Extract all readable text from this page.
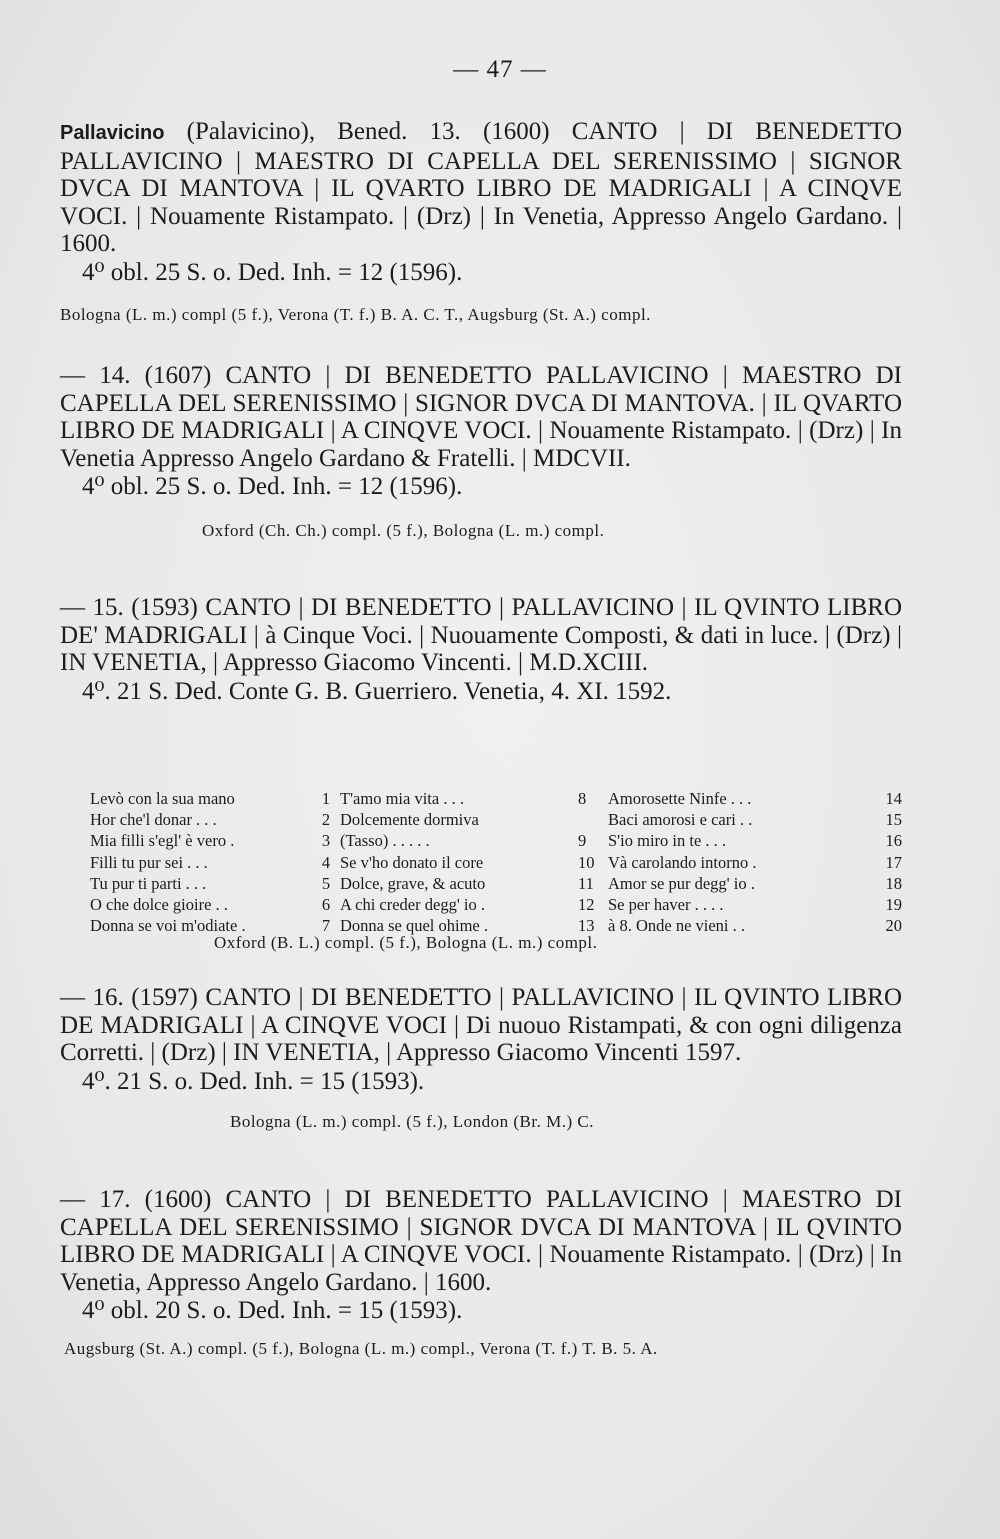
— 47 —
Pallavicino (Palavicino), Bened. 13. (1600) CANTO | DI BENEDETTO PALLAVICINO | MAESTRO DI CAPELLA DEL SERENISSIMO | SIGNOR DVCA DI MANTOVA | IL QVARTO LIBRO DE MADRIGALI | A CINQVE VOCI. | Nouamente Ristampato. | (Drz) | In Venetia, Appresso Angelo Gardano. | 1600.
4⁰ obl. 25 S. o. Ded. Inh. = 12 (1596).
Bologna (L. m.) compl (5 f.), Verona (T. f.) B. A. C. T., Augsburg (St. A.) compl.
— 14. (1607) CANTO | DI BENEDETTO PALLAVICINO | MAESTRO DI CAPELLA DEL SERENISSIMO | SIGNOR DVCA DI MANTOVA. | IL QVARTO LIBRO DE MADRIGALI | A CINQVE VOCI. | Nouamente Ristampato. | (Drz) | In Venetia Appresso Angelo Gardano & Fratelli. | MDCVII.
4⁰ obl. 25 S. o. Ded. Inh. = 12 (1596).
Oxford (Ch. Ch.) compl. (5 f.), Bologna (L. m.) compl.
— 15. (1593) CANTO | DI BENEDETTO | PALLAVICINO | IL QVINTO LIBRO DE' MADRIGALI | à Cinque Voci. | Nuouamente Composti, & dati in luce. | (Drz) | IN VENETIA, | Appresso Giacomo Vincenti. | M.D.XCIII.
4⁰. 21 S. Ded. Conte G. B. Guerriero. Venetia, 4. XI. 1592.
Levò con la sua mano	1	T'amo mia vita . . .	8	Amorosette Ninfe . . .	14
Hor che'l donar . . .	2	Dolcemente dormiva		Baci amorosi e cari . .	15
Mia filli s'egl' è vero .	3	(Tasso) . . . . .	9	S'io miro in te . . .	16
Filli tu pur sei . . .	4	Se v'ho donato il core	10	Và carolando intorno .	17
Tu pur ti parti . . .	5	Dolce, grave, & acuto	11	Amor se pur degg' io .	18
O che dolce gioire . .	6	A chi creder degg' io .	12	Se per haver . . . .	19
Donna se voi m'odiate .	7	Donna se quel ohime .	13	à 8. Onde ne vieni . .	20
Oxford (B. L.) compl. (5 f.), Bologna (L. m.) compl.
— 16. (1597) CANTO | DI BENEDETTO | PALLAVICINO | IL QVINTO LIBRO DE MADRIGALI | A CINQVE VOCI | Di nuouo Ristampati, & con ogni diligenza Corretti. | (Drz) | IN VENETIA, | Appresso Giacomo Vincenti 1597.
4⁰. 21 S. o. Ded. Inh. = 15 (1593).
Bologna (L. m.) compl. (5 f.), London (Br. M.) C.
— 17. (1600) CANTO | DI BENEDETTO PALLAVICINO | MAESTRO DI CAPELLA DEL SERENISSIMO | SIGNOR DVCA DI MANTOVA | IL QVINTO LIBRO DE MADRIGALI | A CINQVE VOCI. | Nouamente Ristampato. | (Drz) | In Venetia, Appresso Angelo Gardano. | 1600.
4⁰ obl. 20 S. o. Ded. Inh. = 15 (1593).
Augsburg (St. A.) compl. (5 f.), Bologna (L. m.) compl., Verona (T. f.) T. B. 5. A.
